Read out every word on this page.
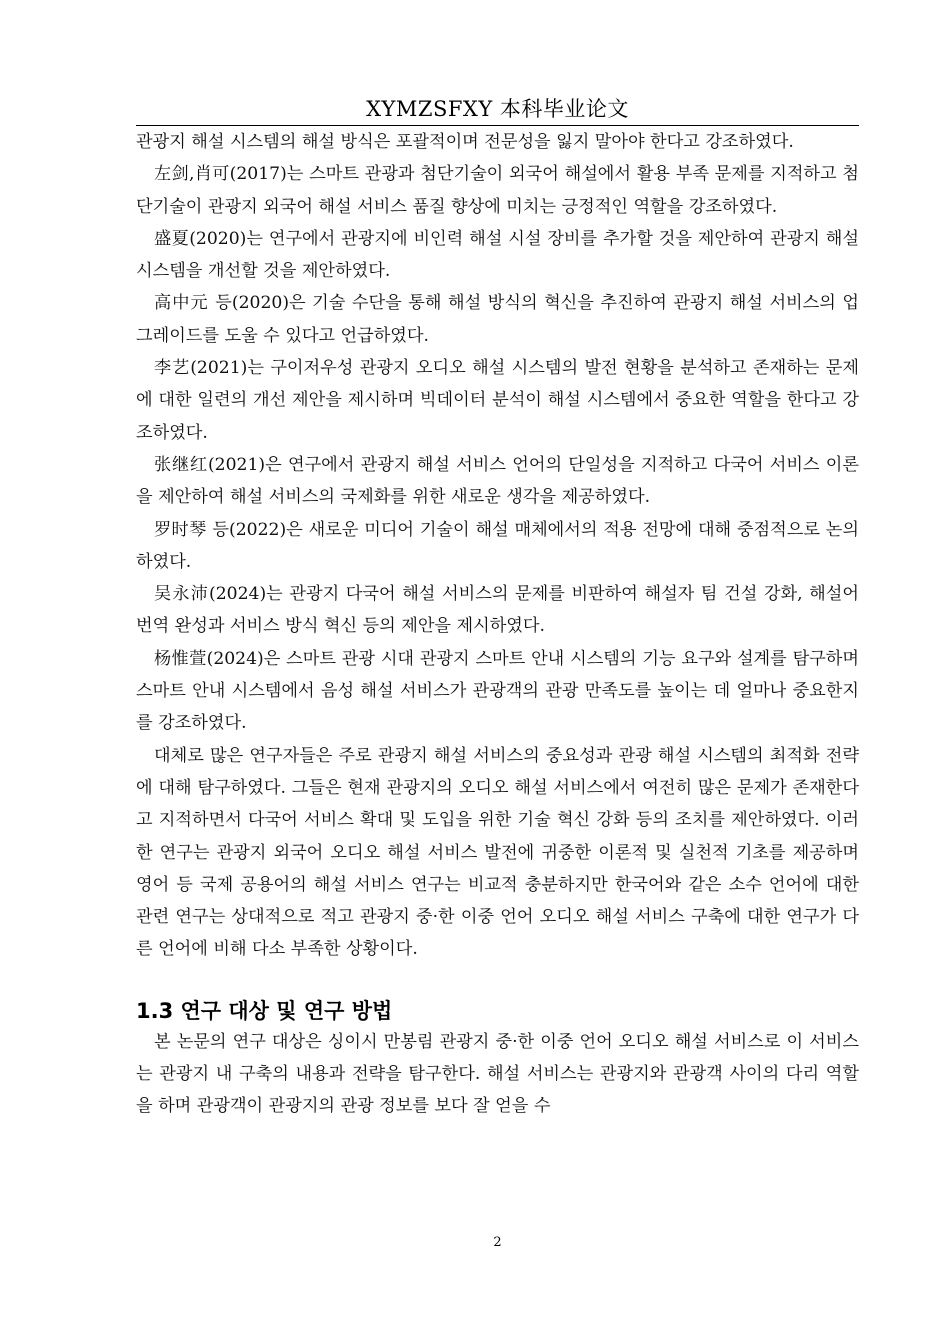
XYMZSFXY 本科毕业论文

관광지 해설 시스템의 해설 방식은 포괄적이며 전문성을 잃지 말아야 한다고 강조하였다.

左剑,肖可(2017)는 스마트 관광과 첨단기술이 외국어 해설에서 활용 부족 문제를 지적하고 첨단기술이 관광지 외국어 해설 서비스 품질 향상에 미치는 긍정적인 역할을 강조하였다.

盛夏(2020)는 연구에서 관광지에 비인력 해설 시설 장비를 추가할 것을 제안하여 관광지 해설 시스템을 개선할 것을 제안하였다.

高中元 등(2020)은 기술 수단을 통해 해설 방식의 혁신을 추진하여 관광지 해설 서비스의 업그레이드를 도울 수 있다고 언급하였다.

李艺(2021)는 구이저우성 관광지 오디오 해설 시스템의 발전 현황을 분석하고 존재하는 문제에 대한 일련의 개선 제안을 제시하며 빅데이터 분석이 해설 시스템에서 중요한 역할을 한다고 강조하였다.

张继红(2021)은 연구에서 관광지 해설 서비스 언어의 단일성을 지적하고 다국어 서비스 이론을 제안하여 해설 서비스의 국제화를 위한 새로운 생각을 제공하였다.

罗时琴 등(2022)은 새로운 미디어 기술이 해설 매체에서의 적용 전망에 대해 중점적으로 논의하였다.

吴永沛(2024)는 관광지 다국어 해설 서비스의 문제를 비판하여 해설자 팀 건설 강화, 해설어 번역 완성과 서비스 방식 혁신 등의 제안을 제시하였다.

杨惟萱(2024)은 스마트 관광 시대 관광지 스마트 안내 시스템의 기능 요구와 설계를 탐구하며 스마트 안내 시스템에서 음성 해설 서비스가 관광객의 관광 만족도를 높이는 데 얼마나 중요한지를 강조하였다.

대체로 많은 연구자들은 주로 관광지 해설 서비스의 중요성과 관광 해설 시스템의 최적화 전략에 대해 탐구하였다. 그들은 현재 관광지의 오디오 해설 서비스에서 여전히 많은 문제가 존재한다고 지적하면서 다국어 서비스 확대 및 도입을 위한 기술 혁신 강화 등의 조치를 제안하였다. 이러한 연구는 관광지 외국어 오디오 해설 서비스 발전에 귀중한 이론적 및 실천적 기초를 제공하며 영어 등 국제 공용어의 해설 서비스 연구는 비교적 충분하지만 한국어와 같은 소수 언어에 대한 관련 연구는 상대적으로 적고 관광지 중·한 이중 언어 오디오 해설 서비스 구축에 대한 연구가 다른 언어에 비해 다소 부족한 상황이다.

1.3 연구 대상 및 연구 방법

본 논문의 연구 대상은 싱이시 만봉림 관광지 중·한 이중 언어 오디오 해설 서비스로 이 서비스는 관광지 내 구축의 내용과 전략을 탐구한다. 해설 서비스는 관광지와 관광객 사이의 다리 역할을 하며 관광객이 관광지의 관광 정보를 보다 잘 얻을 수

2
